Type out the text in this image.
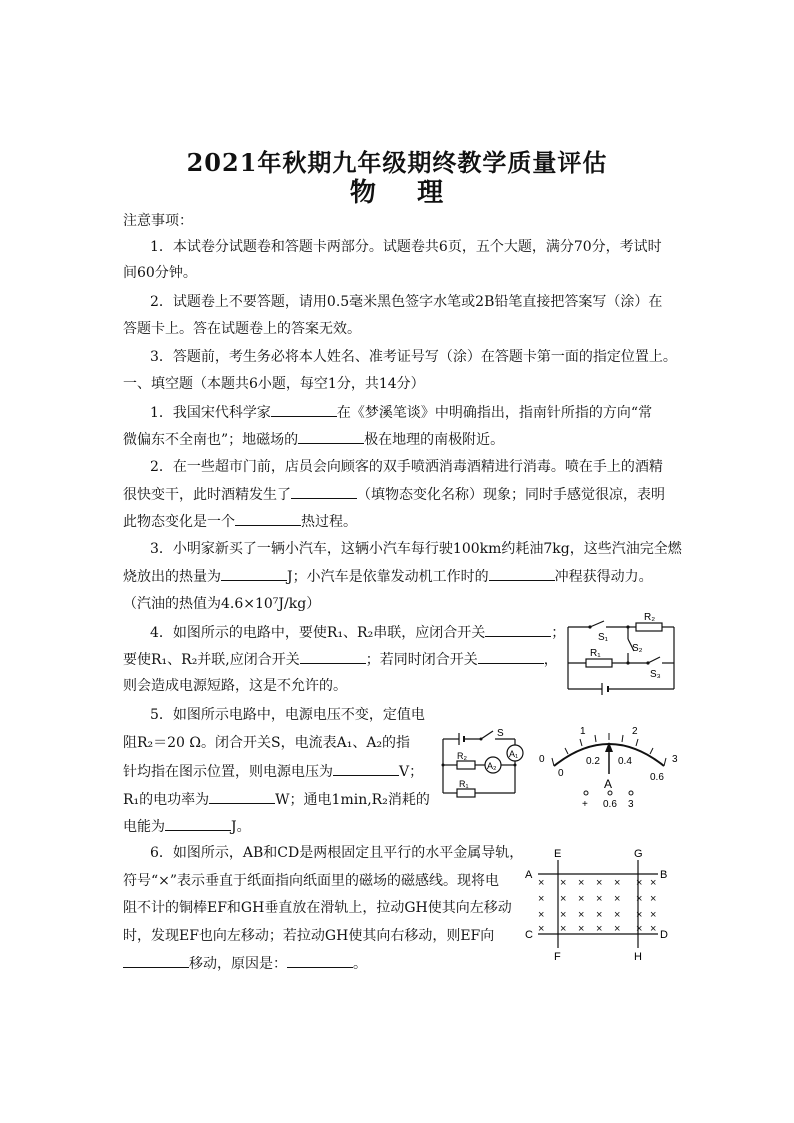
2021年秋期九年级期终教学质量评估
物    理
注意事项：
1．本试卷分试题卷和答题卡两部分。试题卷共6页，五个大题，满分70分，考试时
间60分钟。
2．试题卷上不要答题，请用0.5毫米黑色签字水笔或2B铅笔直接把答案写（涂）在
答题卡上。答在试题卷上的答案无效。
3．答题前，考生务必将本人姓名、准考证号写（涂）在答题卡第一面的指定位置上。
一、填空题（本题共6小题，每空1分，共14分）
1．我国宋代科学家	在《梦溪笔谈》中明确指出，指南针所指的方向“常
微偏东不全南也”；地磁场的	极在地理的南极附近。
2．在一些超市门前，店员会向顾客的双手喷洒消毒酒精进行消毒。喷在手上的酒精
很快变干，此时酒精发生了	（填物态变化名称）现象；同时手感觉很凉，表明
此物态变化是一个	热过程。
3．小明家新买了一辆小汽车，这辆小汽车每行驶100km约耗油7kg，这些汽油完全燃
烧放出的热量为	J；小汽车是依靠发动机工作时的	冲程获得动力。
（汽油的热值为4.6×10⁷J/kg）
4．如图所示的电路中，要使R₁、R₂串联，应闭合开关	；
要使R₁、R₂并联,应闭合开关	；若同时闭合开关	，
则会造成电源短路，这是不允许的。
S₁
R₂
R₁	S₂
S₃
5．如图所示电路中，电源电压不变，定值电
阻R₂＝20 Ω。闭合开关S，电流表A₁、A₂的指
针均指在图示位置，则电源电压为	V；
R₁的电功率为	W；通电1min,R₂消耗的
电能为	J。
S
A₁
A₂
R₂
R₁
0
1	2
3
0
0.2 0.4
0.6
A
+ 0.6 3
6．如图所示，AB和CD是两根固定且平行的水平金属导轨，
符号“×”表示垂直于纸面指向纸面里的磁场的磁感线。现将电
阻不计的铜棒EF和GH垂直放在滑轨上，拉动GH使其向左移动
时，发现EF也向左移动；若拉动GH使其向右移动，则EF向
移动，原因是：	。
× × × × × × ×
× × × × × × ×
× × × × × × ×
× × × × × × ×
A	B
C	D
E
F
G
H
